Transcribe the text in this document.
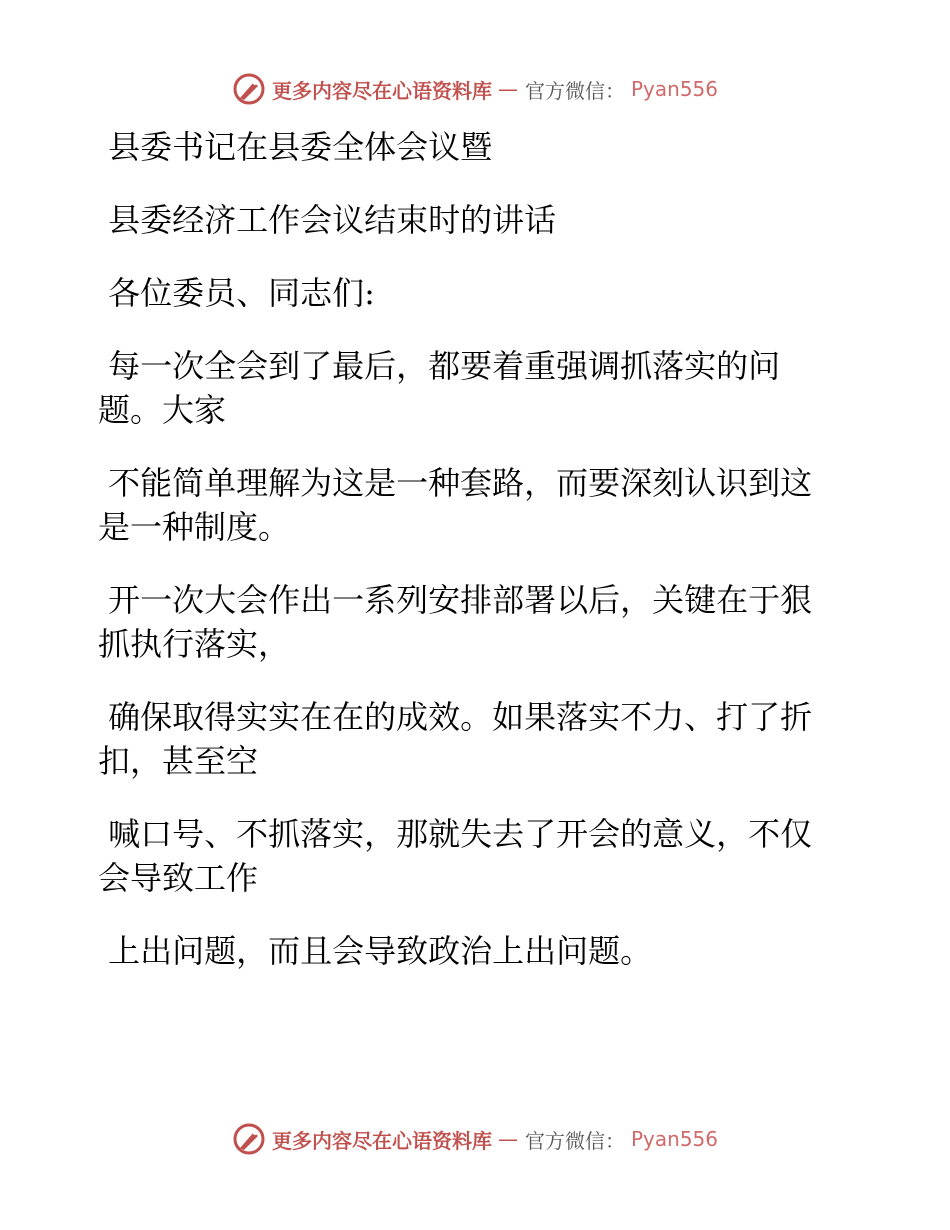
更多内容尽在心语资料库 — 官方微信： Pyan556

县委书记在县委全体会议暨

县委经济工作会议结束时的讲话

各位委员、同志们:

每一次全会到了最后，都要着重强调抓落实的问题。大家

不能简单理解为这是一种套路，而要深刻认识到这是一种制度。

开一次大会作出一系列安排部署以后，关键在于狠抓执行落实，

确保取得实实在在的成效。如果落实不力、打了折扣，甚至空

喊口号、不抓落实，那就失去了开会的意义，不仅会导致工作

上出问题，而且会导致政治上出问题。

更多内容尽在心语资料库 — 官方微信： Pyan556
